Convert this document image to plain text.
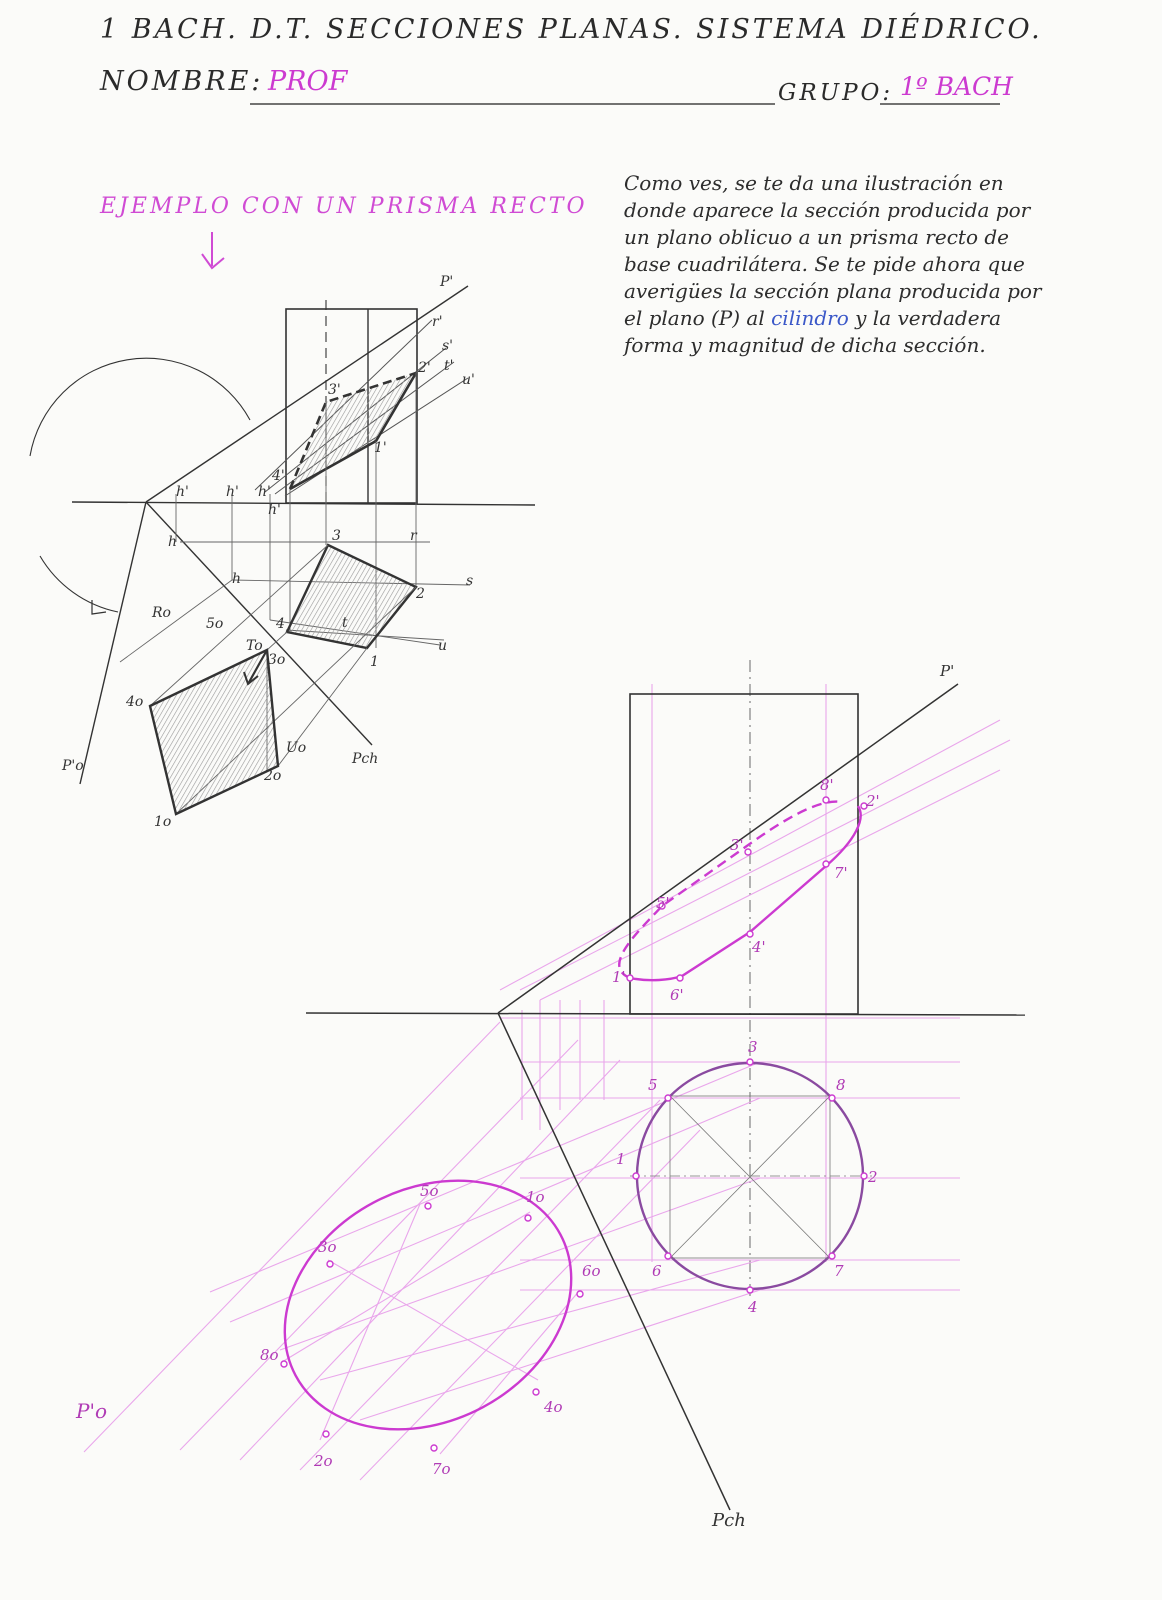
1 BACH. D.T. SECCIONES PLANAS. SISTEMA DIÉDRICO.
NOMBRE: PROF	GRUPO: 1º BACH
EJEMPLO CON UN PRISMA RECTO
Como ves, se te da una ilustración en donde aparece la sección producida por un plano oblicuo a un prisma recto de base cuadrilátera. Se te pide ahora que averigües la sección plana producida por el plano (P) al cilindro y la verdadera forma y magnitud de dicha sección.
P'
r'
s'
t'
u'
2'
3'
1'
4'
h'	h' h'
h'
h
h
3	r
2
s
t
u
1
4
5o
To
3o
4o
2o
Uo
1o
Ro
P'o	Pch
P'
1'
2'
3'
4'
5'
6'
7'
8'
1
2
3
4
5
6	7
8
3o
5o	1o
6o
4o
7o
2o
8o
P'o
Pch
